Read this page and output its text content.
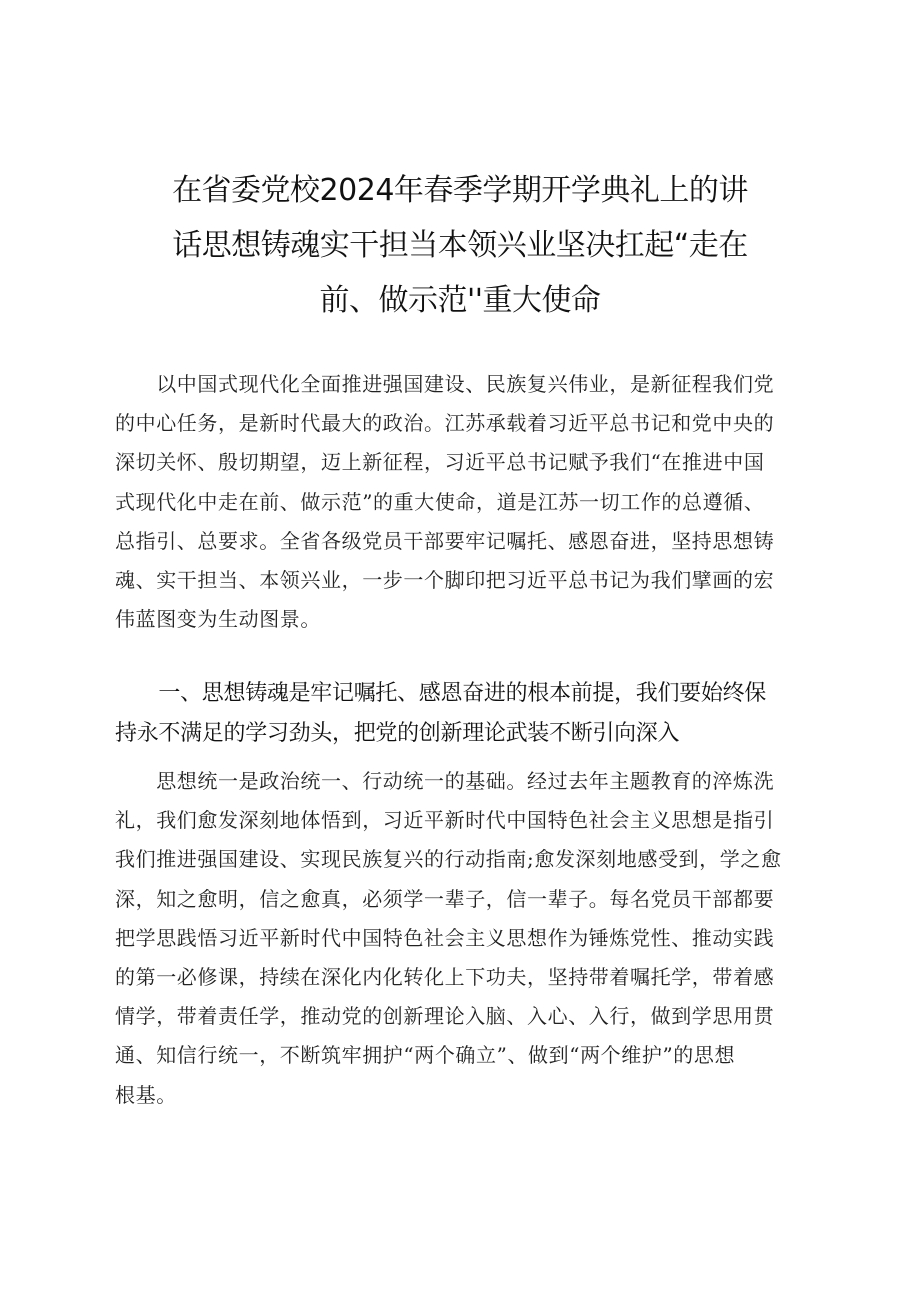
在省委党校2024年春季学期开学典礼上的讲
话思想铸魂实干担当本领兴业坚决扛起“走在
前、做示范''重大使命
　　以中国式现代化全面推进强国建设、民族复兴伟业，是新征程我们党
的中心任务，是新时代最大的政治。江苏承载着习近平总书记和党中央的
深切关怀、殷切期望，迈上新征程，习近平总书记赋予我们“在推进中国
式现代化中走在前、做示范”的重大使命，道是江苏一切工作的总遵循、
总指引、总要求。全省各级党员干部要牢记嘱托、感恩奋进，坚持思想铸
魂、实干担当、本领兴业，一步一个脚印把习近平总书记为我们擘画的宏
伟蓝图变为生动图景。
　　一、思想铸魂是牢记嘱托、感恩奋进的根本前提，我们要始终保
持永不满足的学习劲头，把党的创新理论武装不断引向深入
　　思想统一是政治统一、行动统一的基础。经过去年主题教育的淬炼洗
礼，我们愈发深刻地体悟到，习近平新时代中国特色社会主义思想是指引
我们推进强国建设、实现民族复兴的行动指南;愈发深刻地感受到，学之愈
深，知之愈明，信之愈真，必须学一辈子，信一辈子。每名党员干部都要
把学思践悟习近平新时代中国特色社会主义思想作为锤炼党性、推动实践
的第一必修课，持续在深化内化转化上下功夫，坚持带着嘱托学，带着感
情学，带着责任学，推动党的创新理论入脑、入心、入行，做到学思用贯
通、知信行统一，不断筑牢拥护“两个确立”、做到“两个维护”的思想
根基。
